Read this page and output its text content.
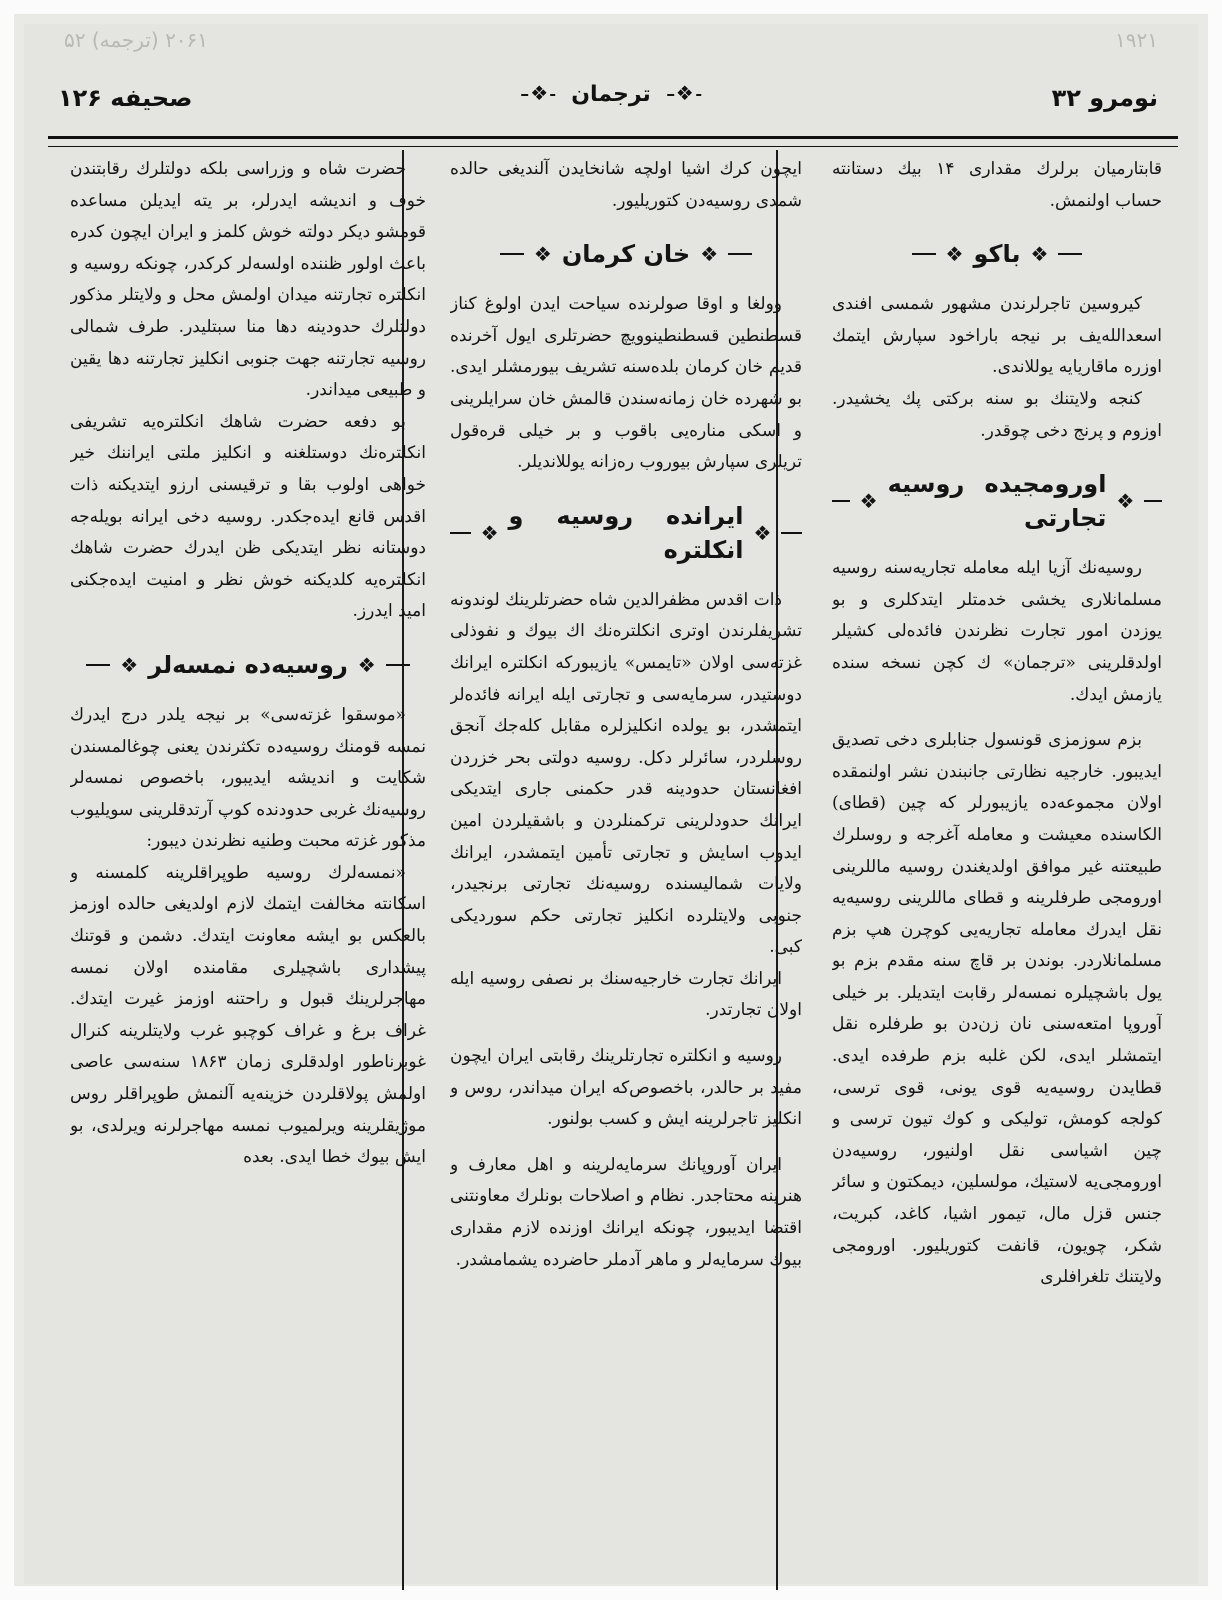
۲۰۶۱ (ترجمه) ۵۲	۱۹۲۱
نومرو ۳۲
❖
ترجمان
❖
صحيفه ۱۲۶

قابتارميان برلرك مقدارى ۱۴ بيك دستانته حساب اولنمش.

❖
باكو
❖

كيروسين تاجرلرندن مشهور شمسى افندى اسعدالله‌يف بر نيجه باراخود سپارش ايتمك اوزره ماقاريايه يوللاندى.

كنجه ولايتنك بو سنه بركتى پك يخشيدر. اوزوم و پرنج دخى چوقدر.

❖
اورومجيده روسيه تجارتى
❖

روسيه‌نك آزيا ايله معامله تجاريه‌سنه روسيه مسلمانلارى يخشى خدمتلر ايتدكلرى و بو يوزدن امور تجارت نظرندن فائده‌لى كشيلر اولدقلرينى «ترجمان» ك كچن نسخه سنده يازمش ايدك.

بزم سوزمزى قونسول جنابلرى دخى تصديق ايديبور. خارجيه نظارتى جانبندن نشر اولنمقده اولان مجموعه‌ده يازيبورلر كه چين (قطاى) الكاسنده معيشت و معامله آغرجه و روسلرك طبيعتنه غير موافق اولديغندن روسيه ماللرينى اورومجى طرفلرينه و قطاى ماللرينى روسيه‌يه نقل ايدرك معامله تجاريه‌يى كوچرن هپ بزم مسلمانلاردر. بوندن بر قاچ سنه مقدم بزم بو يول باشچيلره نمسه‌لر رقابت ايتديلر. بر خيلى آوروپا امتعه‌سنى نان زن‌دن بو طرفلره نقل ايتمشلر ايدى، لكن غلبه بزم طرفده ايدى. قطايدن روسيه‌يه قوى يونى، قوى ترسى، كولجه كومش، توليكى و كوك تيون ترسى و چين اشياسى نقل اولنيور، روسيه‌دن اورومجى‌يه لاستيك، مولسلين، ديمكتون و سائر جنس قزل مال، تيمور اشيا، كاغد، كبريت، شكر، چويون، قانفت كتوريليور. اورومجى ولايتنك تلغرافلرى

ايچون كرك اشيا اولچه شانخايدن آلنديغى حالده شمدى روسيه‌دن كتوريليور.

❖
خان كرمان
❖

وولغا و اوقا صولرنده سياحت ايدن اولوغ كناز قسطنطين قسطنطينوويچ حضرتلرى ايول آخرنده قديم خان كرمان بلده‌سنه تشريف بيورمشلر ايدى. بو شهرده خان زمانه‌سندن قالمش خان سرايلرينى و اسكى منارەيى باقوب و بر خيلى قره‌قول تريلرى سپارش بيوروب رەزانه يوللانديلر.

❖
ايرانده روسيه و انكلتره
❖

ذات اقدس مظفرالدين شاه حضرتلرينك لوندونه تشريفلرندن اوترى انكلتره‌نك اك بيوك و نفوذلى غزته‌سى اولان «تايمس» يازيبوركه انكلتره ايرانك دوستيدر، سرمايه‌سى و تجارتى ايله ايرانه فائده‌لر ايتمشدر، بو يولده انكليزلره مقابل كله‌جك آنجق روسلردر، سائرلر دكل. روسيه دولتى بحر خزردن افغانستان حدودينه قدر حكمنى جارى ايتديكى ايرانك حدودلرينى تركمنلردن و باشقيلردن امين ايدوب اسايش و تجارتى تأمين ايتمشدر، ايرانك ولايات شماليسنده روسيه‌نك تجارتى برنجيدر، جنوبى ولايتلرده انكليز تجارتى حكم سورديكى كبى.

ايرانك تجارت خارجيه‌سنك بر نصفى روسيه ايله اولان تجارتدر.

روسيه و انكلتره تجارتلرينك رقابتى ايران ايچون مفيد بر حالدر، باخصوص‌كه ايران ميداندر، روس و انكليز تاجرلرينه ايش و كسب بولنور.

ايران آوروپانك سرمايه‌لرينه و اهل معارف و هنرينه محتاجدر. نظام و اصلاحات بونلرك معاونتنى اقتضا ايديبور، چونكه ايرانك اوزنده لازم مقدارى بيوك سرمايه‌لر و ماهر آدملر حاضرده يشمامشدر.

حضرت شاه و وزراسى بلكه دولتلرك رقابتندن خوف و انديشه ايدرلر، بر يته ايديلن مساعده قومشو ديكر دولته خوش كلمز و ايران ايچون كدره باعث اولور ظننده اولسه‌لر كركدر، چونكه روسيه و انكلتره تجارتنه ميدان اولمش محل و ولايتلر مذكور دولتلرك حدودينه دها منا سبتليدر. طرف شمالى روسيه تجارتنه جهت جنوبى انكليز تجارتنه دها يقين و طبيعى ميداندر.

بو دفعه حضرت شاهك انكلتره‌يه تشريفى انكلتره‌نك دوستلغنه و انكليز ملتى ايراننك خير خواهى اولوب بقا و ترقيسنى ارزو ايتديكنه ذات اقدس قانع ايده‌جكدر. روسيه دخى ايرانه بويله‌جه دوستانه نظر ايتديكى ظن ايدرك حضرت شاهك انكلتره‌يه كلديكنه خوش نظر و امنيت ايده‌جكنى اميد ايدرز.

❖
روسيه‌ده نمسه‌لر
❖

«موسقوا غزته‌سى» بر نيجه يلدر درج ايدرك نمسه قومنك روسيه‌ده تكثرندن يعنى چوغالمسندن شكايت و انديشه ايديبور، باخصوص نمسه‌لر روسيه‌نك غربى حدودنده كوپ آرتدقلرينى سويليوب مذكور غزته محبت وطنيه نظرندن ديبور:

«نمسه‌لرك روسيه طوپراقلرينه كلمسنه و اسكانته مخالفت ايتمك لازم اولديغى حالده اوزمز بالعكس بو ايشه معاونت ايتدك. دشمن و قوتنك پيشدارى باشچيلرى مقامنده اولان نمسه مهاجرلرينك قبول و راحتنه اوزمز غيرت ايتدك. غراف برغ و غراف كوچبو غرب ولايتلرينه كنرال غوبرناطور اولدقلرى زمان ۱۸۶۳ سنه‌سى عاصى اولمش پولاقلردن خزينه‌يه آلنمش طوپراقلر روس موژيقلرينه ويرلميوب نمسه مهاجرلرنه ويرلدى، بو ايش بيوك خطا ايدى. بعده
